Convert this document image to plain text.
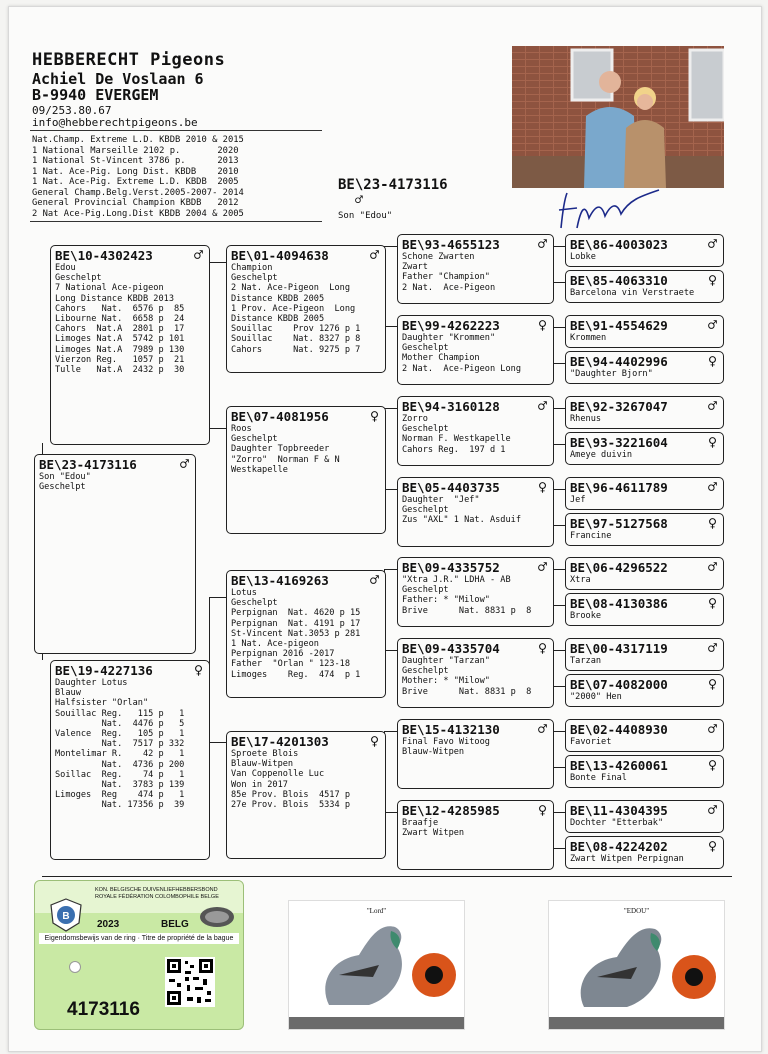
HEBBERECHT Pigeons
Achiel De Voslaan 6
B-9940 EVERGEM
09/253.80.67
info@hebberechtpigeons.be
Nat.Champ. Extreme L.D. KBDB 2010 & 2015
1 National Marseille 2102 p.       2020
1 National St-Vincent 3786 p.      2013
1 Nat. Ace-Pig. Long Dist. KBDB    2010
1 Nat. Ace-Pig. Extreme L.D. KBDB  2005
General Champ.Belg.Verst.2005-2007- 2014
General Provincial Champion KBDB   2012
2 Nat Ace-Pig.Long.Dist KBDB 2004 & 2005
BE\23-4173116
♂
Son "Edou"
BE\10-4302423	♂
Edou
Geschelpt
7 National Ace-pigeon
Long Distance KBDB 2013
Cahors   Nat.  6576 p  85
Libourne Nat.  6658 p  24
Cahors  Nat.A  2801 p  17
Limoges Nat.A  5742 p 101
Limoges Nat.A  7989 p 130
Vierzon Reg.   1057 p  21
Tulle   Nat.A  2432 p  30
BE\23-4173116	♂
Son "Edou"
Geschelpt
BE\19-4227136	♀
Daughter Lotus
Blauw
Halfsister "Orlan"
Souillac Reg.   115 p   1
Nat.  4476 p   5
Valence  Reg.   105 p   1
Nat.  7517 p 332
Montelimar R.    42 p   1
Nat.  4736 p 200
Soillac  Reg.    74 p   1
Nat.  3783 p 139
Limoges  Reg    474 p   1
Nat. 17356 p  39
BE\01-4094638	♂
Champion
Geschelpt
2 Nat. Ace-Pigeon  Long
Distance KBDB 2005
1 Prov. Ace-Pigeon  Long
Distance KBDB 2005
Souillac    Prov 1276 p 1
Souillac    Nat. 8327 p 8
Cahors      Nat. 9275 p 7
BE\07-4081956	♀
Roos
Geschelpt
Daughter Topbreeder
"Zorro"  Norman F & N
Westkapelle
BE\13-4169263	♂
Lotus
Geschelpt
Perpignan  Nat. 4620 p 15
Perpignan  Nat. 4191 p 17
St-Vincent Nat.3053 p 281
1 Nat. Ace-pigeon
Perpignan 2016 -2017
Father  "Orlan " 123-18
Limoges    Reg.  474  p 1
BE\17-4201303	♀
Sproete Blois
Blauw-Witpen
Van Coppenolle Luc
Won in 2017
85e Prov. Blois  4517 p
27e Prov. Blois  5334 p
BE\93-4655123	♂
Schone Zwarten
Zwart
Father "Champion"
2 Nat.  Ace-Pigeon
BE\99-4262223	♀
Daughter "Krommen"
Geschelpt
Mother Champion
2 Nat.  Ace-Pigeon Long
BE\94-3160128	♂
Zorro
Geschelpt
Norman F. Westkapelle
Cahors Reg.  197 d 1
BE\05-4403735	♀
Daughter  "Jef"
Geschelpt
Zus "AXL" 1 Nat. Asduif
BE\09-4335752	♂
"Xtra J.R." LDHA - AB
Geschelpt
Father: * "Milow"
Brive      Nat. 8831 p  8
BE\09-4335704	♀
Daughter "Tarzan"
Geschelpt
Mother: * "Milow"
Brive      Nat. 8831 p  8
BE\15-4132130	♂
Final Favo Witoog
Blauw-Witpen
BE\12-4285985	♀
Braafje
Zwart Witpen
BE\86-4003023	♂
Lobke
BE\85-4063310	♀
Barcelona vin Verstraete
BE\91-4554629	♂
Krommen
BE\94-4402996	♀
"Daughter Bjorn"
BE\92-3267047	♂
Rhenus
BE\93-3221604	♀
Ameye duivin
BE\96-4611789	♂
Jef
BE\97-5127568	♀
Francine
BE\06-4296522	♂
Xtra
BE\08-4130386	♀
Brooke
BE\00-4317119	♂
Tarzan
BE\07-4082000	♀
"2000" Hen
BE\02-4408930	♂
Favoriet
BE\13-4260061	♀
Bonte Final
BE\11-4304395	♂
Dochter "Etterbak"
BE\08-4224202	♀
Zwart Witpen Perpignan
B
KON. BELGISCHE DUIVENLIEFHEBBERSBOND
ROYALE FÉDÉRATION COLOMBOPHILE BELGE
2023	BELG
Eigendomsbewijs van de ring · Titre de propriété de la bague
4173116
"Lord"	"EDOU"
